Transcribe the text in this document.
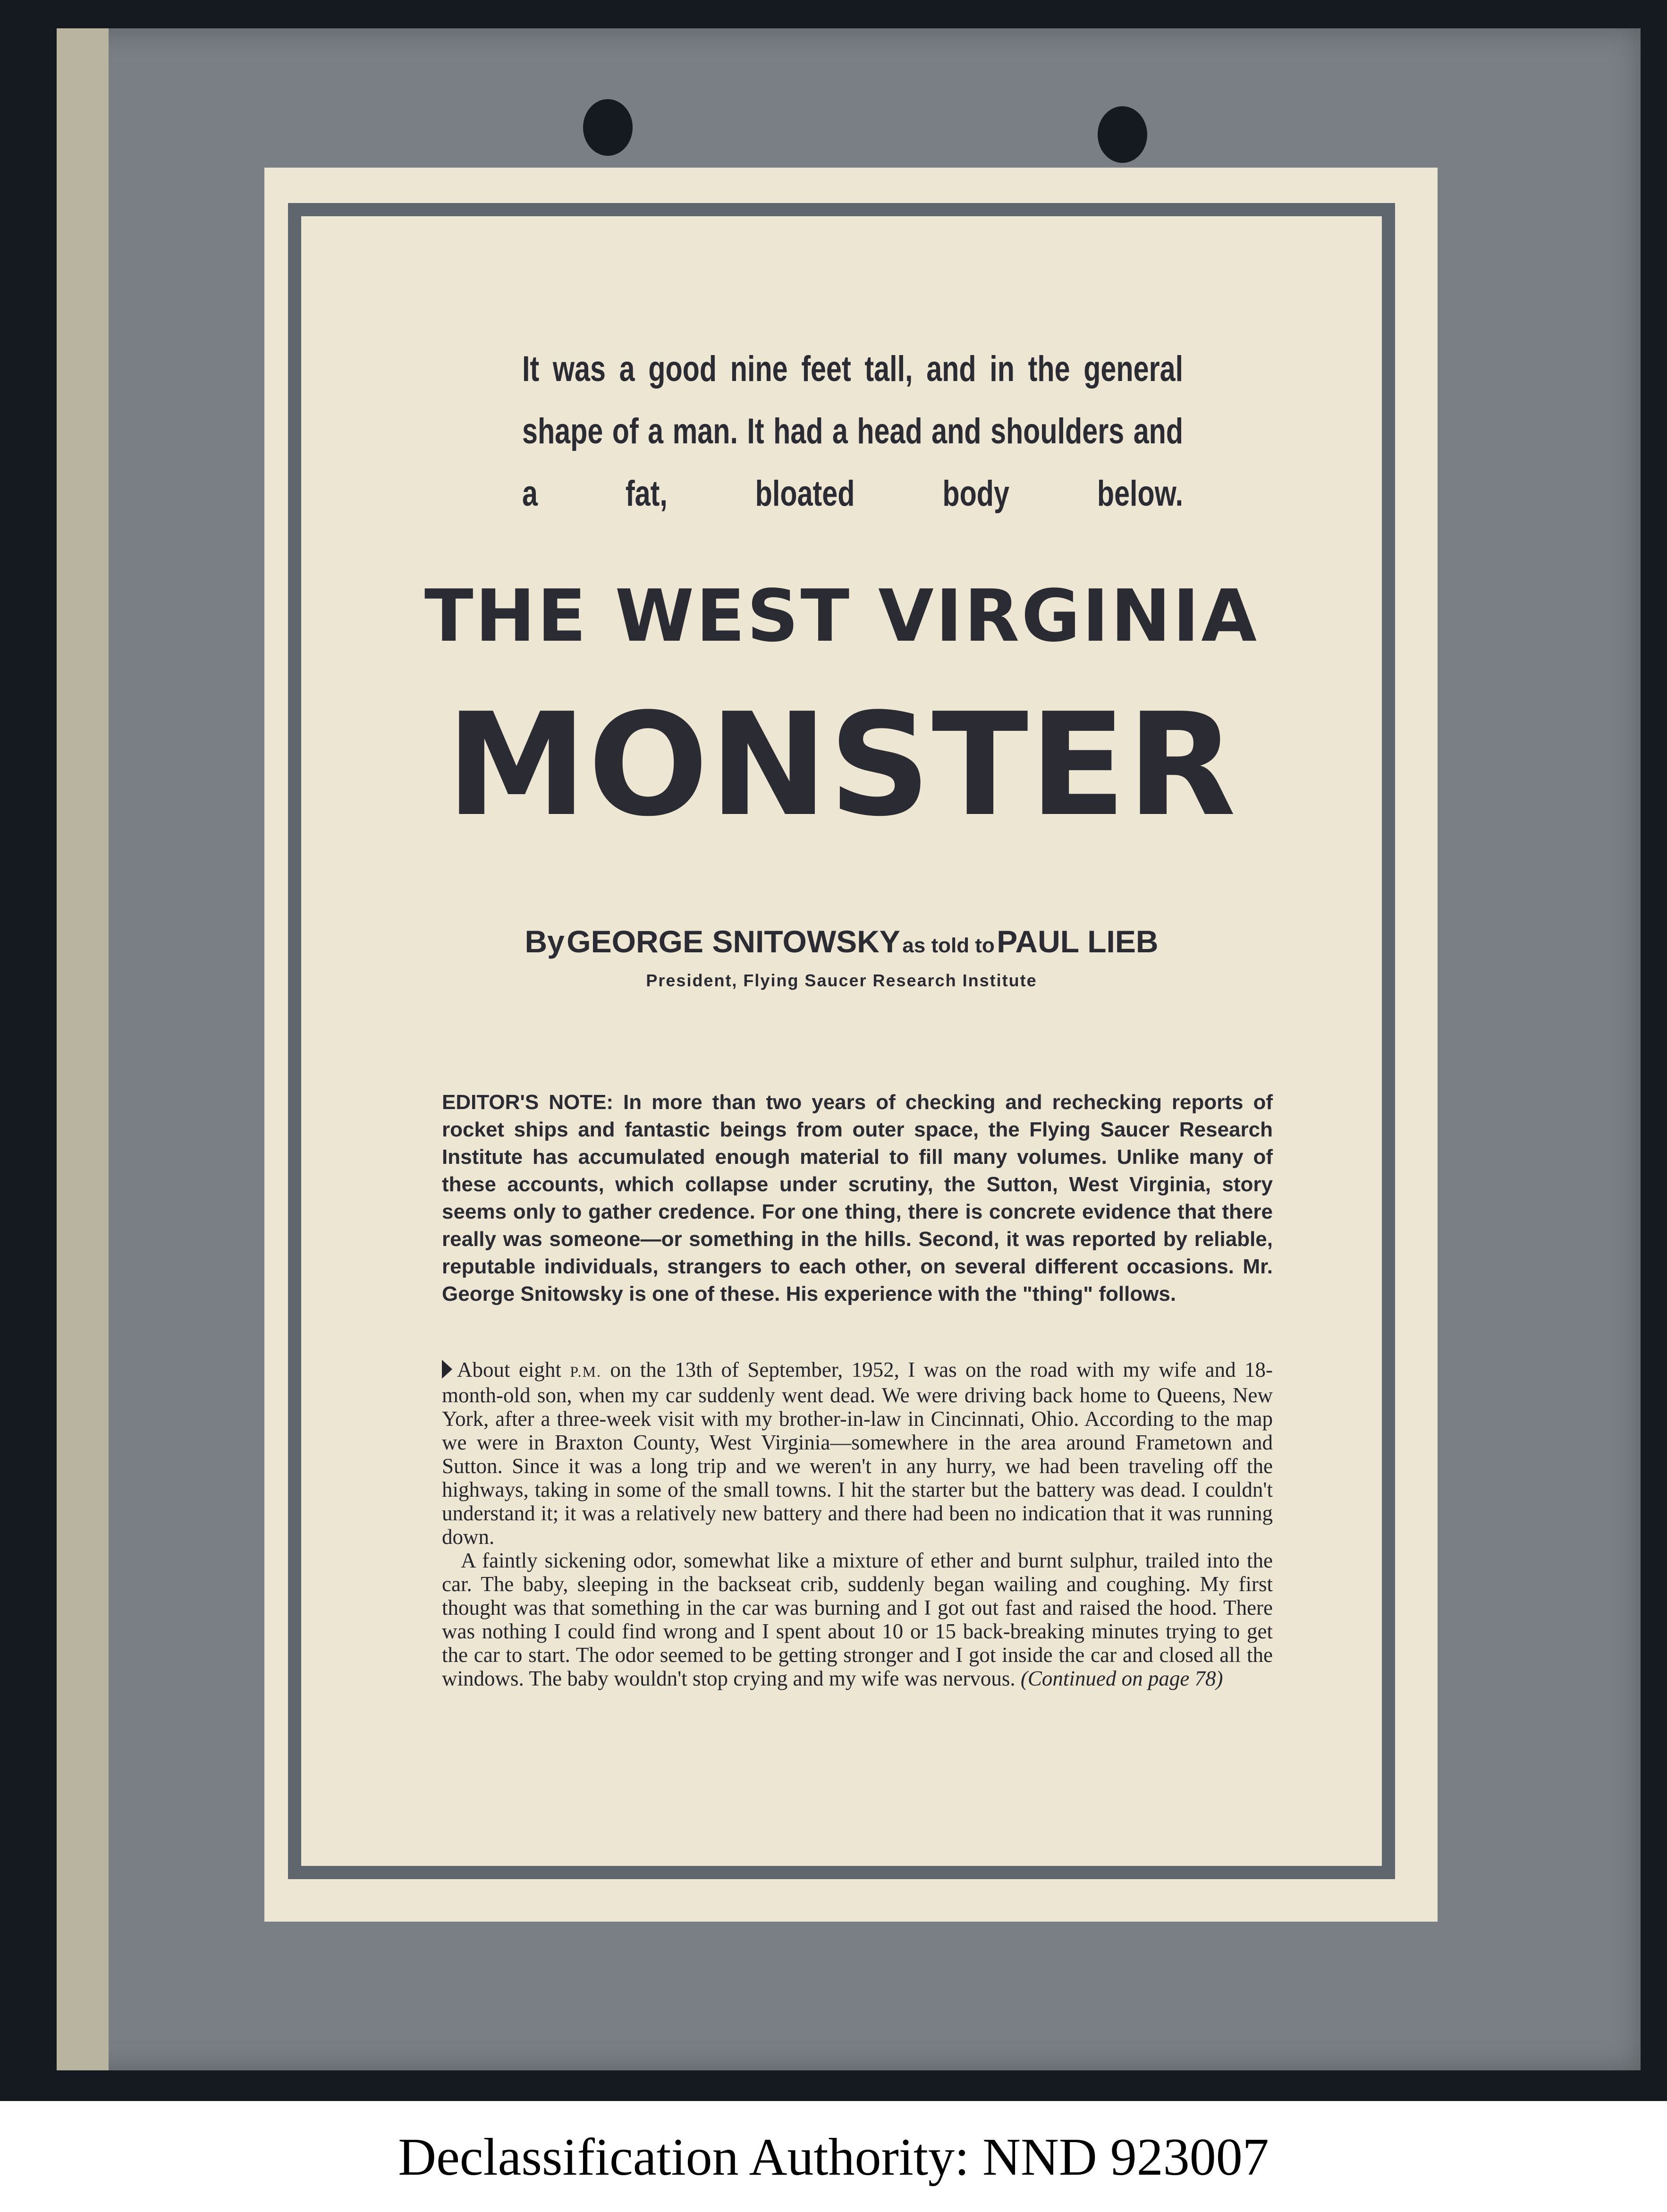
It was a good nine feet tall, and in the general shape of a man. It had a head and shoulders and a fat, bloated body below.
THE WEST VIRGINIA
MONSTER
By GEORGE SNITOWSKY as told to PAUL LIEB
President, Flying Saucer Research Institute
EDITOR'S NOTE: In more than two years of checking and rechecking reports of rocket ships and fantastic beings from outer space, the Flying Saucer Research Institute has accumulated enough material to fill many volumes. Unlike many of these accounts, which collapse under scrutiny, the Sutton, West Virginia, story seems only to gather credence. For one thing, there is concrete evidence that there really was someone—or something in the hills. Second, it was reported by reliable, reputable individuals, strangers to each other, on several different occasions. Mr. George Snitowsky is one of these. His experience with the "thing" follows.

About eight P.M. on the 13th of September, 1952, I was on the road with my wife and 18-month-old son, when my car suddenly went dead. We were driving back home to Queens, New York, after a three-week visit with my brother-in-law in Cincinnati, Ohio. According to the map we were in Braxton County, West Virginia—somewhere in the area around Frametown and Sutton. Since it was a long trip and we weren't in any hurry, we had been traveling off the highways, taking in some of the small towns. I hit the starter but the battery was dead. I couldn't understand it; it was a relatively new battery and there had been no indication that it was running down.

A faintly sickening odor, somewhat like a mixture of ether and burnt sulphur, trailed into the car. The baby, sleeping in the backseat crib, suddenly began wailing and coughing. My first thought was that something in the car was burning and I got out fast and raised the hood. There was nothing I could find wrong and I spent about 10 or 15 back-breaking minutes trying to get the car to start. The odor seemed to be getting stronger and I got inside the car and closed all the windows. The baby wouldn't stop crying and my wife was nervous. (Continued on page 78)

Declassification Authority: NND 923007
